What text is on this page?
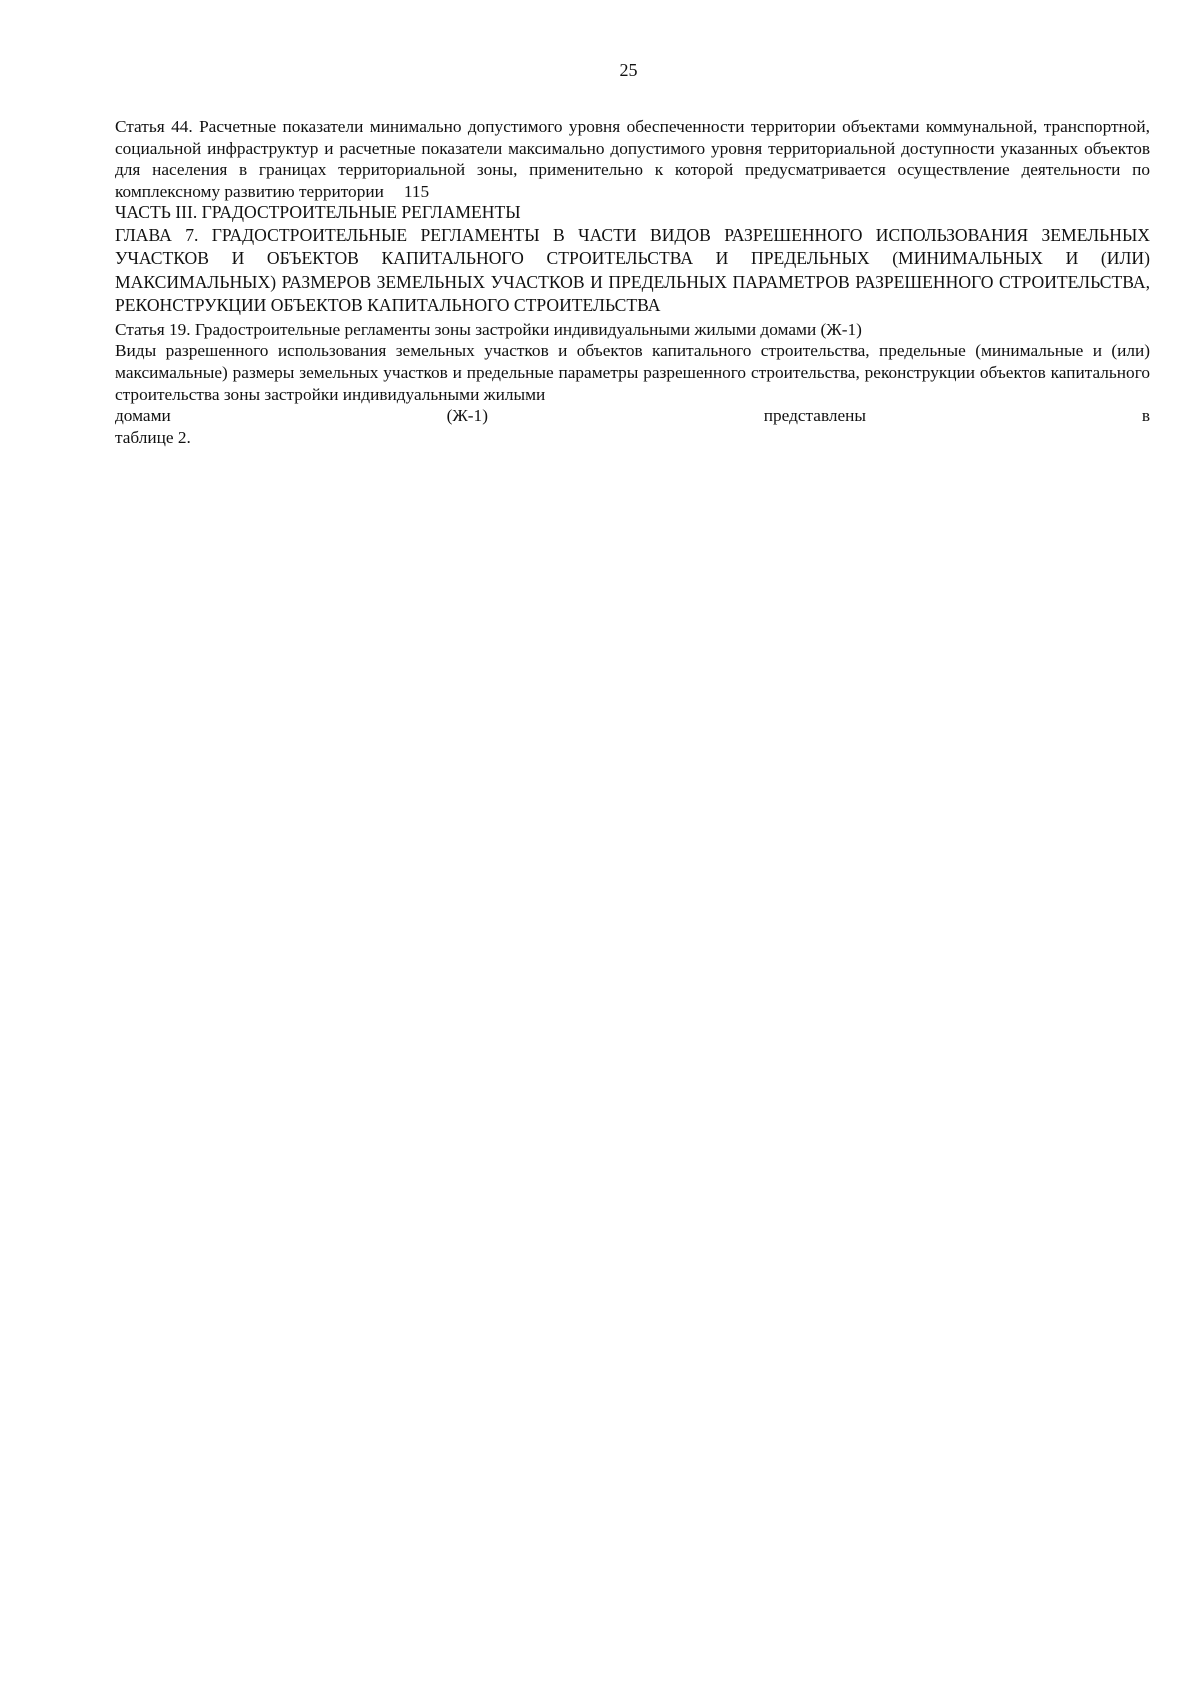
25

Статья 44. Расчетные показатели минимально допустимого уровня обеспеченности территории объектами коммунальной, транспортной, социальной инфраструктур и расчетные показатели максимально допустимого уровня территориальной доступности указанных объектов для населения в границах территориальной зоны, применительно к которой предусматривается осуществление деятельности по комплексному развитию территории 115

ЧАСТЬ III. ГРАДОСТРОИТЕЛЬНЫЕ РЕГЛАМЕНТЫ

ГЛАВА 7. ГРАДОСТРОИТЕЛЬНЫЕ РЕГЛАМЕНТЫ В ЧАСТИ ВИДОВ РАЗРЕШЕННОГО ИСПОЛЬЗОВАНИЯ ЗЕМЕЛЬНЫХ УЧАСТКОВ И ОБЪЕКТОВ КАПИТАЛЬНОГО СТРОИТЕЛЬСТВА И ПРЕДЕЛЬНЫХ (МИНИМАЛЬНЫХ И (ИЛИ) МАКСИМАЛЬНЫХ) РАЗМЕРОВ ЗЕМЕЛЬНЫХ УЧАСТКОВ И ПРЕДЕЛЬНЫХ ПАРАМЕТРОВ РАЗРЕШЕННОГО СТРОИТЕЛЬСТВА, РЕКОНСТРУКЦИИ ОБЪЕКТОВ КАПИТАЛЬНОГО СТРОИТЕЛЬСТВА

Статья 19. Градостроительные регламенты зоны застройки индивидуальными жилыми домами (Ж-1)

Виды разрешенного использования земельных участков и объектов капитального строительства, предельные (минимальные и (или) максимальные) размеры земельных участков и предельные параметры разрешенного строительства, реконструкции объектов капитального строительства зоны застройки индивидуальными жилыми

домами	(Ж-1)	представлены	в

таблице 2.
